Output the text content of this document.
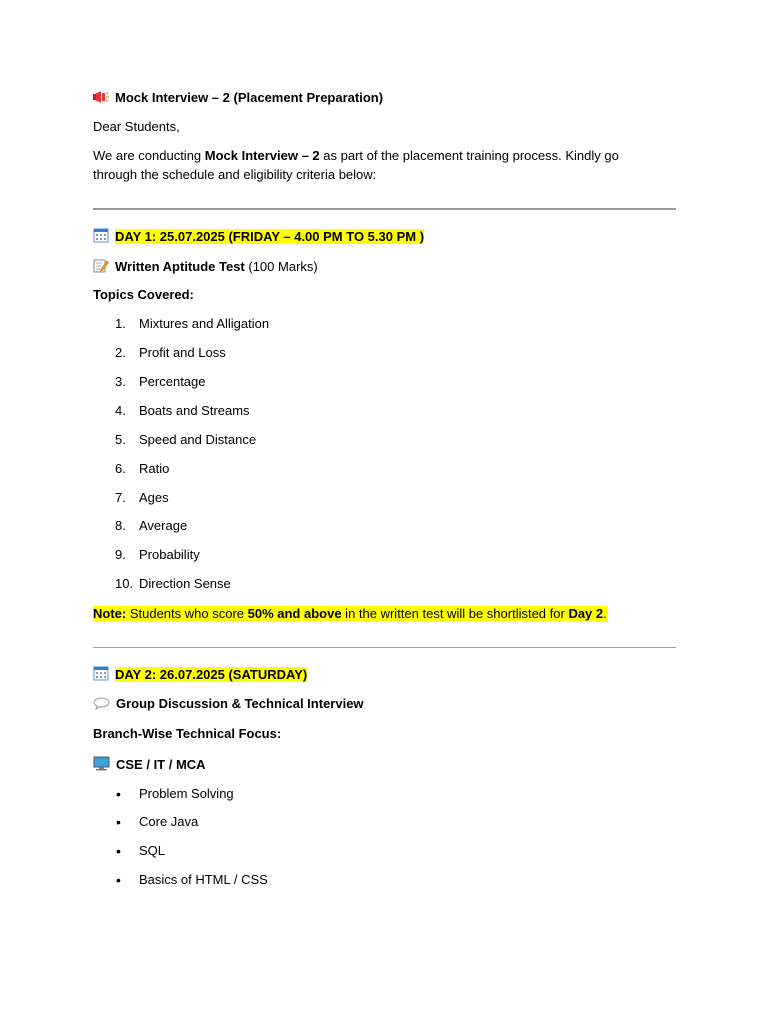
Mock Interview – 2 (Placement Preparation)
Dear Students,
We are conducting Mock Interview – 2 as part of the placement training process. Kindly go
through the schedule and eligibility criteria below:
DAY 1: 25.07.2025 (FRIDAY – 4.00 PM TO 5.30 PM )
Written Aptitude Test (100 Marks)
Topics Covered:
1. Mixtures and Alligation
2. Profit and Loss
3. Percentage
4. Boats and Streams
5. Speed and Distance
6. Ratio
7. Ages
8. Average
9. Probability
10. Direction Sense
Note: Students who score 50% and above in the written test will be shortlisted for Day 2.
DAY 2: 26.07.2025 (SATURDAY)
Group Discussion & Technical Interview
Branch-Wise Technical Focus:
CSE / IT / MCA
• Problem Solving
• Core Java
• SQL
• Basics of HTML / CSS
